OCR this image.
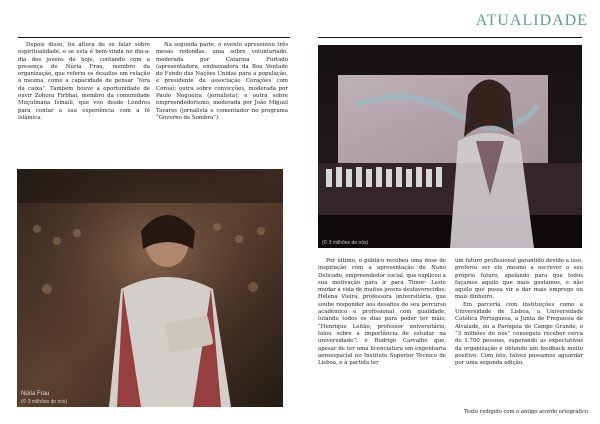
ATUALIDADE

Depois disso, foi altura de se falar sobre espiritualidade, e se esta é bem-vinda no dia-a-dia dos jovens de hoje, contando com a presença de Núria Frau, membro da organização, que referiu os desafios em relação à mesma, como a capacidade de pensar “fora da caixa”. Também houve a oportunidade de ouvir Zohora Firbhai, membro da comunidade Muçulmana Ismaili, que vou desde Londres para contar a sua experiência com a fé islâmica.

Na segunda parte, o evento apresentou três mesas redondas, uma sobre voluntariado, moderada por Catarina Furtado (apresentadora, embaixadora da Boa Vontade do Fundo das Nações Unidas para a população, e presidente da associação Corações com Coroa); outra sobre convicções, moderada por Paulo Nogueira (jornalista); e outra sobre empreendedorismo, moderada por João Miguel Tavares (jornalista e comentador no programa “Governo de Sombra”).

Núria Frau
(© 3 milhões de nós)
(© 3 milhões de nós)

Por último, o público recebeu uma dose de inspiração com a apresentação de Nuno Delicado, empreendedor social, que explicou a sua motivação para ir para Timor- Leste mudar a vida de muitos jovens desfavorecidos; Helena Vieira, professora universitária, que soube responder aos desafios do seu percurso académico e profissional com qualidade, lutando todos os dias para poder ter mais; “Henrique Leitão, professor universitário, falou sobre a importância de estudar na universidade”; e Rodrigo Carvalho que, apesar de ter uma licenciatura em engenharia aeroespacial no Instituto Superior Técnico de Lisboa, e à partida ter

um futuro profissional garantido devido a isso, preferiu ser ele mesmo a escrever o seu próprio futuro, apelando para que todos façamos aquilo que mais gostamos, e não aquilo que possa vir a dar mais emprego ou mais dinheiro.

Em parceria com instituições como a Universidade de Lisboa, a Universidade Católica Portuguesa, a Junta de Freguesia de Alvalade, ou a Paróquia do Campo Grande, o “3 milhões de nós” conseguiu receber cerca de 1.700 pessoas, superando as expectativas da organização e obtendo um feedback muito positivo. Com isto, talvez possamos aguardar por uma segunda edição.

Texto redigido com o antigo acordo ortográfico
